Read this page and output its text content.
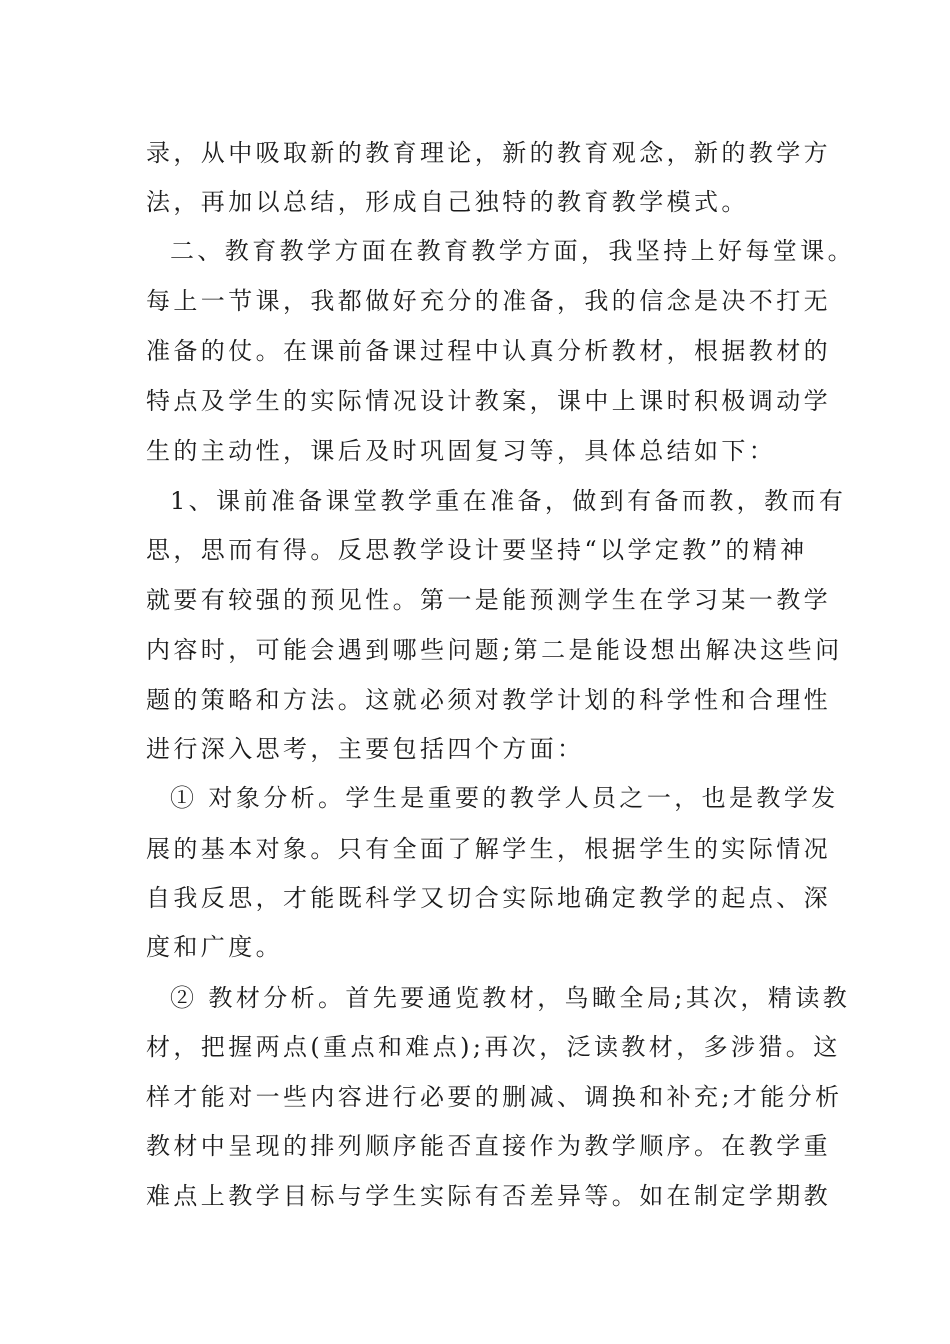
录，从中吸取新的教育理论，新的教育观念，新的教学方
法，再加以总结，形成自己独特的教育教学模式。
二、教育教学方面在教育教学方面，我坚持上好每堂课。
每上一节课，我都做好充分的准备，我的信念是决不打无
准备的仗。在课前备课过程中认真分析教材，根据教材的
特点及学生的实际情况设计教案，课中上课时积极调动学
生的主动性，课后及时巩固复习等，具体总结如下：
1、课前准备课堂教学重在准备，做到有备而教，教而有
思，思而有得。反思教学设计要坚持“以学定教”的精神
就要有较强的预见性。第一是能预测学生在学习某一教学
内容时，可能会遇到哪些问题;第二是能设想出解决这些问
题的策略和方法。这就必须对教学计划的科学性和合理性
进行深入思考，主要包括四个方面：
① 对象分析。学生是重要的教学人员之一，也是教学发
展的基本对象。只有全面了解学生，根据学生的实际情况
自我反思，才能既科学又切合实际地确定教学的起点、深
度和广度。
② 教材分析。首先要通览教材，鸟瞰全局;其次，精读教
材，把握两点(重点和难点);再次，泛读教材，多涉猎。这
样才能对一些内容进行必要的删减、调换和补充;才能分析
教材中呈现的排列顺序能否直接作为教学顺序。在教学重
难点上教学目标与学生实际有否差异等。如在制定学期教
